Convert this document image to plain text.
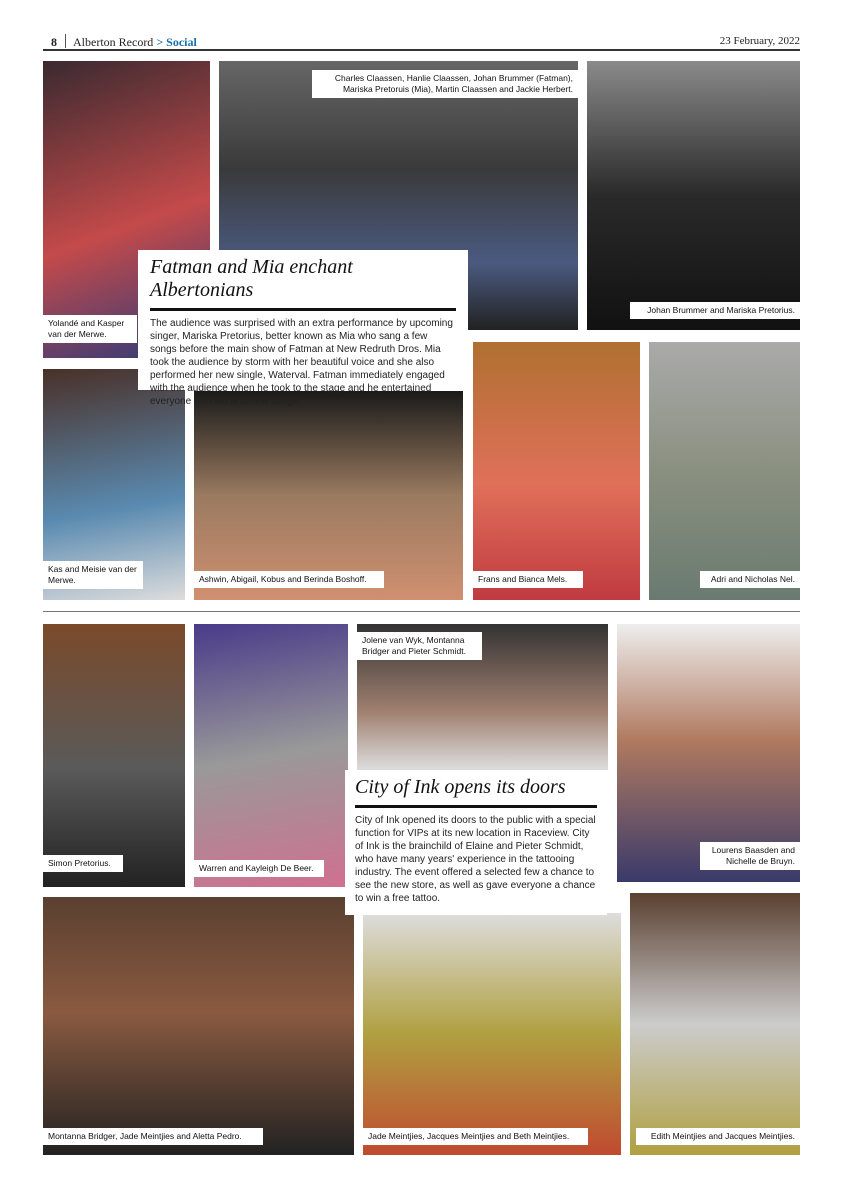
8 Alberton Record > Social	23 February, 2022
Yolandé and Kasper van der Merwe.
Charles Claassen, Hanlie Claassen, Johan Brummer (Fatman), Mariska Pretoruis (Mia), Martin Claassen and Jackie Herbert.
Johan Brummer and Mariska Pretorius.
Kas and Meisie van der Merwe.	Ashwin, Abigail, Kobus and Berinda Boshoff.	Frans and Bianca Mels.	Adri and Nicholas Nel.
Simon Pretorius.	Warren and Kayleigh De Beer.
Jolene van Wyk, Montanna Bridger and Pieter Schmidt.
Lourens Baasden and Nichelle de Bruyn.
Montanna Bridger, Jade Meintjies and Aletta Pedro.	Jade Meintjies, Jacques Meintjies and Beth Meintjies.	Edith Meintjies and Jacques Meintjies.
Fatman and Mia enchant Albertonians

The audience was surprised with an extra performance by upcoming singer, Mariska Pretorius, better known as Mia who sang a few songs before the main show of Fatman at New Redruth Dros. Mia took the audience by storm with her beautiful voice and she also performed her new single, Waterval. Fatman immediately engaged with the audience when he took to the stage and he entertained everyone with old and new songs.

City of Ink opens its doors

City of Ink opened its doors to the public with a special function for VIPs at its new location in Raceview. City of Ink is the brainchild of Elaine and Pieter Schmidt, who have many years' experience in the tattooing industry. The event offered a selected few a chance to see the new store, as well as gave everyone a chance to win a free tattoo.
